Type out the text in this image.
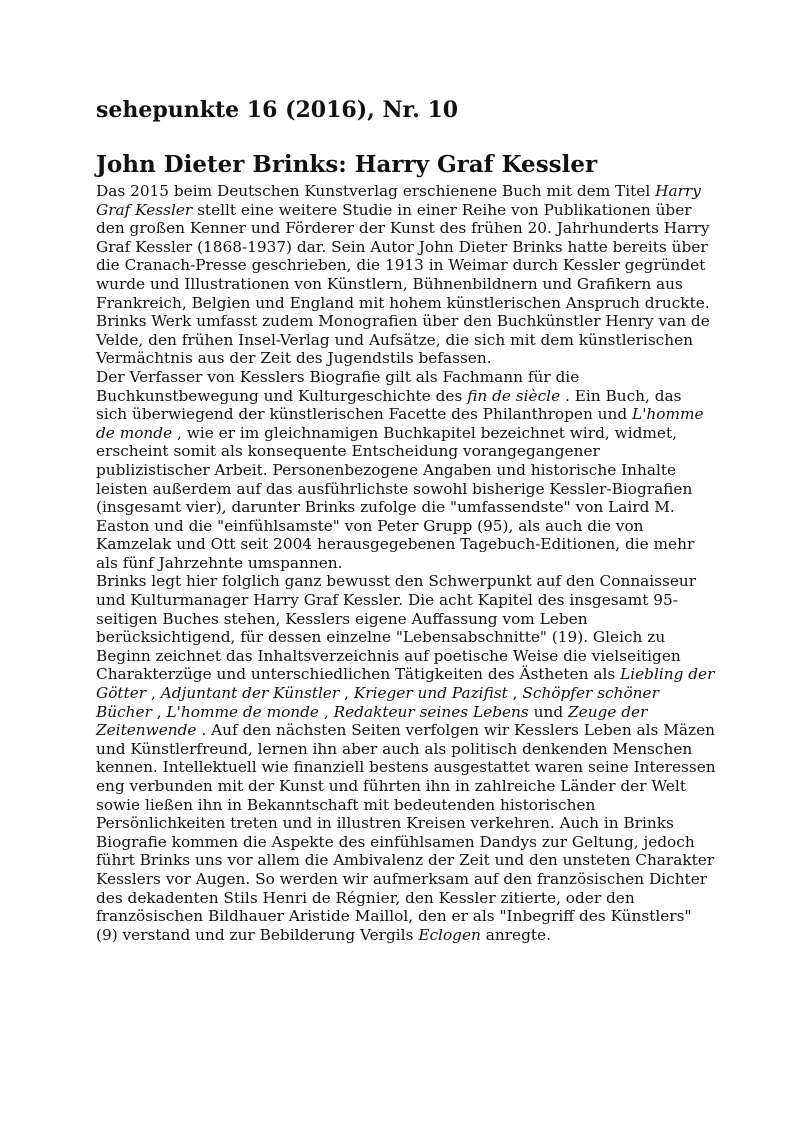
sehepunkte 16 (2016), Nr. 10
John Dieter Brinks: Harry Graf Kessler

Das 2015 beim Deutschen Kunstverlag erschienene Buch mit dem Titel Harry Graf Kessler stellt eine weitere Studie in einer Reihe von Publikationen über den großen Kenner und Förderer der Kunst des frühen 20. Jahrhunderts Harry Graf Kessler (1868-1937) dar. Sein Autor John Dieter Brinks hatte bereits über die Cranach-Presse geschrieben, die 1913 in Weimar durch Kessler gegründet wurde und Illustrationen von Künstlern, Bühnenbildnern und Grafikern aus Frankreich, Belgien und England mit hohem künstlerischen Anspruch druckte. Brinks Werk umfasst zudem Monografien über den Buchkünstler Henry van de Velde, den frühen Insel-Verlag und Aufsätze, die sich mit dem künstlerischen Vermächtnis aus der Zeit des Jugendstils befassen.

Der Verfasser von Kesslers Biografie gilt als Fachmann für die Buchkunstbewegung und Kulturgeschichte des fin de siècle . Ein Buch, das sich überwiegend der künstlerischen Facette des Philanthropen und L'homme de monde , wie er im gleichnamigen Buchkapitel bezeichnet wird, widmet, erscheint somit als konsequente Entscheidung vorangegangener publizistischer Arbeit. Personenbezogene Angaben und historische Inhalte leisten außerdem auf das ausführlichste sowohl bisherige Kessler-Biografien (insgesamt vier), darunter Brinks zufolge die "umfassendste" von Laird M. Easton und die "einfühlsamste" von Peter Grupp (95), als auch die von Kamzelak und Ott seit 2004 herausgegebenen Tagebuch-Editionen, die mehr als fünf Jahrzehnte umspannen.

Brinks legt hier folglich ganz bewusst den Schwerpunkt auf den Connaisseur und Kulturmanager Harry Graf Kessler. Die acht Kapitel des insgesamt 95-seitigen Buches stehen, Kesslers eigene Auffassung vom Leben berücksichtigend, für dessen einzelne "Lebensabschnitte" (19). Gleich zu Beginn zeichnet das Inhaltsverzeichnis auf poetische Weise die vielseitigen Charakterzüge und unterschiedlichen Tätigkeiten des Ästheten als Liebling der Götter , Adjuntant der Künstler , Krieger und Pazifist , Schöpfer schöner Bücher , L'homme de monde , Redakteur seines Lebens und Zeuge der Zeitenwende . Auf den nächsten Seiten verfolgen wir Kesslers Leben als Mäzen und Künstlerfreund, lernen ihn aber auch als politisch denkenden Menschen kennen. Intellektuell wie finanziell bestens ausgestattet waren seine Interessen eng verbunden mit der Kunst und führten ihn in zahlreiche Länder der Welt sowie ließen ihn in Bekanntschaft mit bedeutenden historischen Persönlichkeiten treten und in illustren Kreisen verkehren. Auch in Brinks Biografie kommen die Aspekte des einfühlsamen Dandys zur Geltung, jedoch führt Brinks uns vor allem die Ambivalenz der Zeit und den unsteten Charakter Kesslers vor Augen. So werden wir aufmerksam auf den französischen Dichter des dekadenten Stils Henri de Régnier, den Kessler zitierte, oder den französischen Bildhauer Aristide Maillol, den er als "Inbegriff des Künstlers" (9) verstand und zur Bebilderung Vergils Eclogen anregte.
